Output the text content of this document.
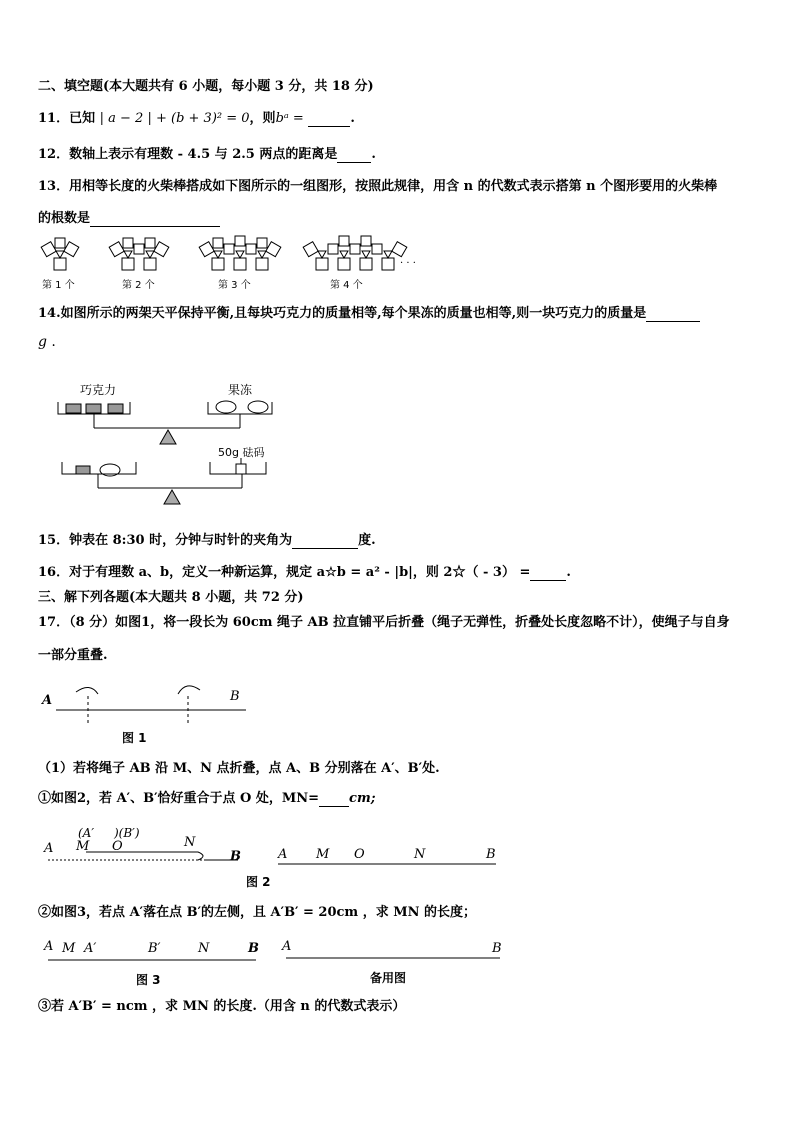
二、填空题(本大题共有 6 小题，每小题 3 分，共 18 分)
11．已知 | a − 2 | + (b + 3)² = 0，则bᵃ =	.
12．数轴上表示有理数 - 4.5 与 2.5 两点的距离是	.
13．用相等长度的火柴棒搭成如下图所示的一组图形，按照此规律，用含 n 的代数式表示搭第 n 个图形要用的火柴棒
的根数是
第 1 个	第 2 个	第 3 个	第 4 个
· · ·
14.如图所示的两架天平保持平衡,且每块巧克力的质量相等,每个果冻的质量也相等,则一块巧克力的质量是
g .
巧克力	果冻
50g 砝码
15．钟表在 8:30 时，分钟与时针的夹角为	度.
16．对于有理数 a、b，定义一种新运算，规定 a☆b = a² - |b|，则 2☆（ - 3） =	.
三、解下列各题(本大题共 8 小题，共 72 分)
17．（8 分）如图1，将一段长为 60cm 绳子 AB 拉直铺平后折叠（绳子无弹性，折叠处长度忽略不计），使绳子与自身
一部分重叠.
A	B
图 1
（1）若将绳子 AB 沿 M、N 点折叠，点 A、B 分别落在 A′、B′处.
①如图2，若 A′、B′恰好重合于点 O 处，MN= cm;
A M
(A′ )(B′)
O	N
B	A M O	N	B
图 2
②如图3，若点 A′落在点 B′的左侧，且 A′B′ = 20cm ，求 MN 的长度；
A M A′	B′	N	B
图 3
A	B
备用图
③若 A′B′ = ncm ，求 MN 的长度.（用含 n 的代数式表示）
